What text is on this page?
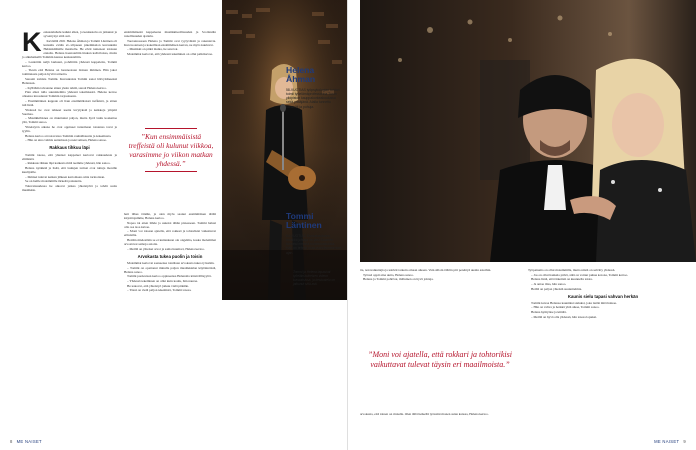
Keskusteluhalu kaikki alkoi, ja keskustelu on jatkunut ja syventynyt siitä asti.

Keväällä 2021 Helena Åhman ja Tommi Läntinen oli kutsuttu evään ev.-vilpueen pikemikalon kuvauksiin Helsinkiläisille maaliolle. He eivät tunteneet toisiaan ennalta. Helena haastateltiin hiukan kahviloissa, mutta jo alkuhetkellä Tommin kanssa keskusteltiin.

– Laulettiin neljä lauluani, pohdittiin yhdessä kappaleita, Tommi kertoo.

– Tiesin että Helena on luonnostaan iloinen ihminen. Hän jakoi toiminnasta paljon hyviä tarinoita.

Sanonit tomista Tommi. Kuvauksista Tommi sanoi häivyttäneensä Helenaan.

– Kyllähän taivaanne sinun yksin tehdä, sanoit Helena kertoo.

Pian alkoi tulla suunnitelmia yhdessä tekemisestä. Helena kertoo olleensa innostunut Tommin tarjouksesta.

– Ensimmäinen kappale oli Kun ensimmäisissä treffeistä, ja sitten tuli lisää.

Yhdessä he ovat tehneet useita levytyksiä ja keikkoja ympäri Suomea.

– Musiikkibisnes on muuttunut paljon, mutta hyvä laulu koskettaa yhä, Tommi sanoo.

Yhteistyön aikana he ovat oppineet tuntemaan toistensa tavat ja tyylin.

Helena kertoo arvostavansa Tommin rauhallisuutta ja kokemusta.

– Hän on aina valmis auttamaan ja neuvomaan, Helena sanoo.

Rakkaus tihkuu läpi

Tommi toteaa, että yhteiset kappaleet kertovat rakkaudesta ja elämästä.

– Rakkaus tihkuu läpi kaikesta mitä teemme yhdessä, hän sanoo.

Helena nyökkää ja lisää, että laulujen tarinat ovat tuttuja monille kuulijoille.

– Ihmiset tulevat keikan jälkeen kertomaan omia tarinoitaan.

Se on heille molemmille tärkeää palautetta.

Tulevaisuudessa he aikovat jatkaa yhteistyötä ja tehdä uutta musiikkia.

ensimmäisenä kappaleena musiikkiteollisuuden ja Scotlandin runollisuuden ajattelu.

Tuotannossaan Helena ja Tommi ovat tyytyväisiä ja rakentavia. Kun tuotetaan ja kokeillaan ensimmäisen kerran, ne myös kuuluvat.

– Musiikki on pitkä matka, he sanovat.

Molemmat kertovat, että yhdessä tekeminen on ollut palkitsevaa.

”Kun ensimmäisistä treffeistä oli kulunut viikkoa, varasimme jo viikon matkan yhdessä.”

heti lähes tänään, ja olen myös saanut ensimmäisen täältä kirjoittajamme, Helena kertoo.

Nopea tai etten lähde ja uskoisi tähän pisteeseen. Tommi halusi olla osa isoa kuvaa.

– Moni voi toisaan ajatella, että rokkari ja tohtorikisi vaikuttavat erilaisilta.

Heidän mielestään se ei kuitenkaan ole ongelma, koska molemmat arvostavat samoja asioita.

– Meillä on yhteiset arvot ja sama huumori, Helena kertoo.

Arvokasta tukea puolin ja toisin

Molemmat kertovat saaneensa toisiltaan arvokasta tukea työssään.

– Tommi on opettanut minulle paljon musiikkialan käytännöistä, Helena sanoo.

Tommi puolestaan kertoo oppineensa Helenalta kärsivällisyyttä.

– Yhdessä tekeminen on ollut kuin koulu, hän nauraa.

He uskovat, että yhteistyö jatkuu vielä pitkään.

– Tässä on vielä paljon tekemistä, Tommi toteaa.

8 ME NAISET
Helena Åhman
58-VUOTIAS työpsykologian tohtori toimii työelämäprofessorina Turun yliopiston kauppakorkeakoulussa sekä yrittäjänä. Alalla tunnettu konsultti ja puhuja.
Tommi Läntinen
64-VUOTIAS Esmiatasoisten musiikkijohtaja on yksi Suomen tunnetuimmista rockmuusikoista. Hän on tehnyt uraa vuosikymmenten ajan.
Tommi ja Helena tapasivat työelämäaiheisen videon kuvauksissa, ja keskustelu on jatkunut siitä asti.

tta, notavaikuttajia ja tekivät tarkoin omaan aikaan. Vain silloin tällöin piti perehtyä uusiin asioihin.

Työssä oppii aina uutta, Helena sanoo.

Helena ja Tommi pohtivat, millainen on hyvä johtaja.

”Moni voi ajatella, että rokkari ja tohtorikisi vaikuttavat tulevat täysin eri maailmoista.”

arvokasta, että toinen on rinnalla. Olen tällä hetkellä työssäni monen asian kanssa, Helena kertoo.

Työpaineita on ollut molemmilla, mutta niistä on selvitty yhdessä.

– Jos on ollut hankala päivä, siitä on voinut puhua kotona, Tommi kertoo.

Helena lisää, että tärkeintä on kuunnella toista.

– Ja antaa tilaa, hän sanoo.

Heillä on paljon yhteisiä suunnitelmia.

Kaunis sielu tapasi vahvan herkän

Tommi kuvaa Helenaa kauniiksi sieluksi, joka tietää mitä haluaa.

– Hän on vahva ja herkkä yhtä aikaa, Tommi sanoo.

Helena hymyilee ja kiittää.

– Meillä on hyvä olla yhdessä, hän toteaa lopuksi.

ME NAISET 9
